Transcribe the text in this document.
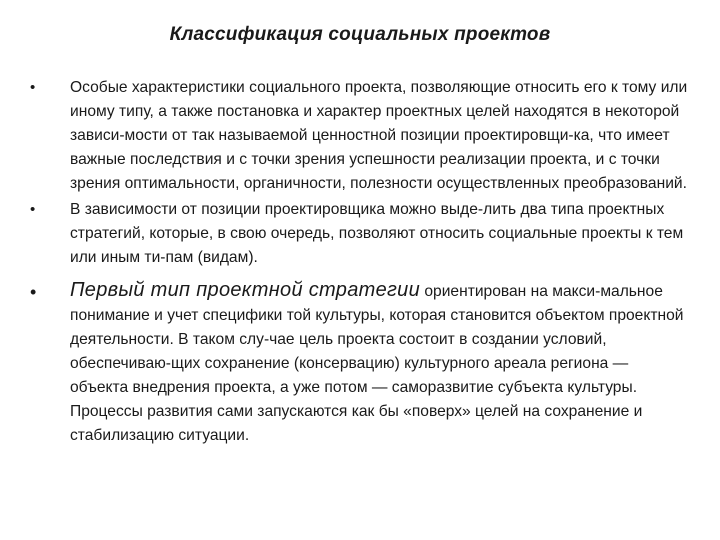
Классификация социальных проектов
• Особые характеристики социального проекта, позволяющие относить его к тому или иному типу, а также постановка и характер проектных целей находятся в некоторой зависи-мости от так называемой ценностной позиции проектировщи-ка, что имеет важные последствия и с точки зрения успешности реализации проекта, и с точки зрения оптимальности, органичности, полезности осуществленных преобразований.
• В зависимости от позиции проектировщика можно выде-лить два типа проектных стратегий, которые, в свою очередь, позволяют относить социальные проекты к тем или иным ти-пам (видам).
• Первый тип проектной стратегии ориентирован на макси-мальное понимание и учет специфики той культуры, которая становится объектом проектной деятельности. В таком слу-чае цель проекта состоит в создании условий, обеспечиваю-щих сохранение (консервацию) культурного ареала региона — объекта внедрения проекта, а уже потом — саморазвитие субъекта культуры. Процессы развития сами запускаются как бы «поверх» целей на сохранение и стабилизацию ситуации.
